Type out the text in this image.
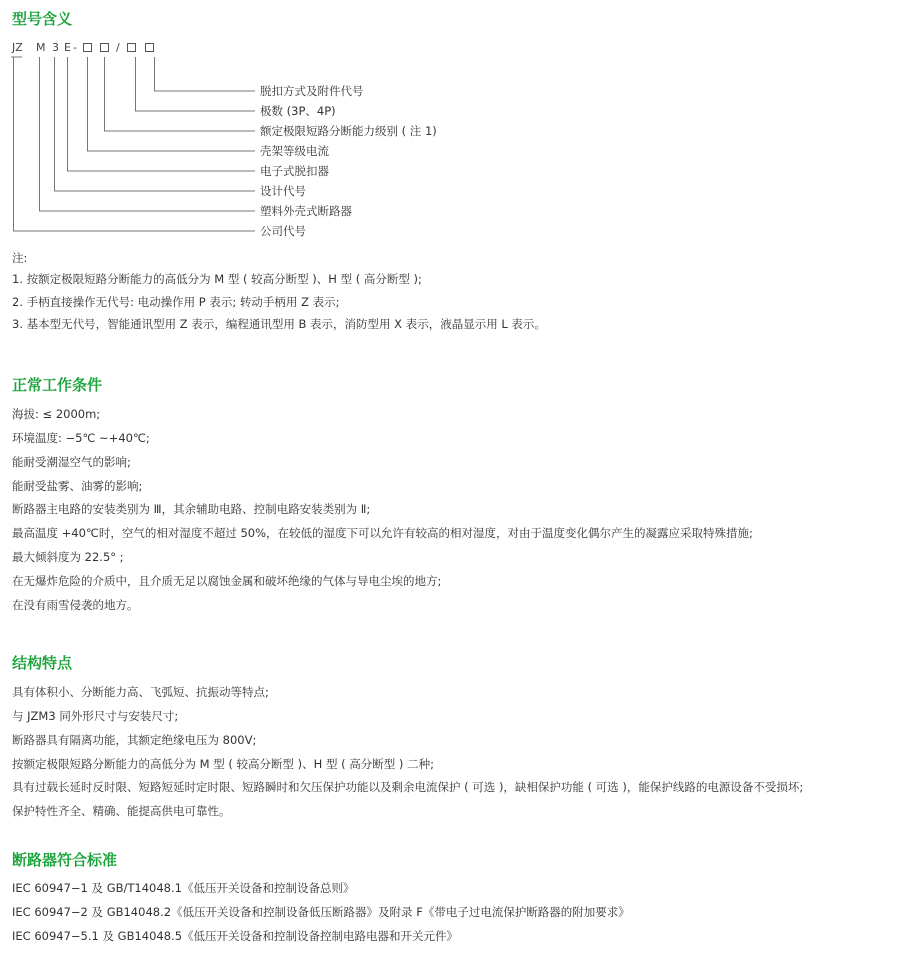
型号含义
JZ M 3 E -	/
脱扣方式及附件代号
极数 (3P、4P)
额定极限短路分断能力级别 ( 注 1)
壳架等级电流
电子式脱扣器
设计代号
塑料外壳式断路器
公司代号
注:
1. 按额定极限短路分断能力的高低分为 M 型 ( 较高分断型 )、H 型 ( 高分断型 );
2. 手柄直接操作无代号: 电动操作用 P 表示; 转动手柄用 Z 表示;
3. 基本型无代号，智能通讯型用 Z 表示，编程通讯型用 B 表示，消防型用 X 表示，液晶显示用 L 表示。
正常工作条件
海拔: ≤ 2000m;
环境温度: −5℃ ~+40℃;
能耐受潮湿空气的影响;
能耐受盐雾、油雾的影响;
断路器主电路的安装类别为 Ⅲ，其余辅助电路、控制电路安装类别为 Ⅱ;
最高温度 +40℃时，空气的相对湿度不超过 50%，在较低的湿度下可以允许有较高的相对湿度，对由于温度变化偶尔产生的凝露应采取特殊措施;
最大倾斜度为 22.5° ;
在无爆炸危险的介质中，且介质无足以腐蚀金属和破坏绝缘的气体与导电尘埃的地方;
在没有雨雪侵袭的地方。
结构特点
具有体积小、分断能力高、飞弧短、抗振动等特点;
与 JZM3 同外形尺寸与安装尺寸;
断路器具有隔离功能，其额定绝缘电压为 800V;
按额定极限短路分断能力的高低分为 M 型 ( 较高分断型 )、H 型 ( 高分断型 ) 二种;
具有过载长延时反时限、短路短延时定时限、短路瞬时和欠压保护功能以及剩余电流保护 ( 可选 )，缺相保护功能 ( 可选 )，能保护线路的电源设备不受损坏;
保护特性齐全、精确、能提高供电可靠性。
断路器符合标准
IEC 60947−1 及 GB/T14048.1《低压开关设备和控制设备总则》
IEC 60947−2 及 GB14048.2《低压开关设备和控制设备低压断路器》及附录 F《带电子过电流保护断路器的附加要求》
IEC 60947−5.1 及 GB14048.5《低压开关设备和控制设备控制电路电器和开关元件》
